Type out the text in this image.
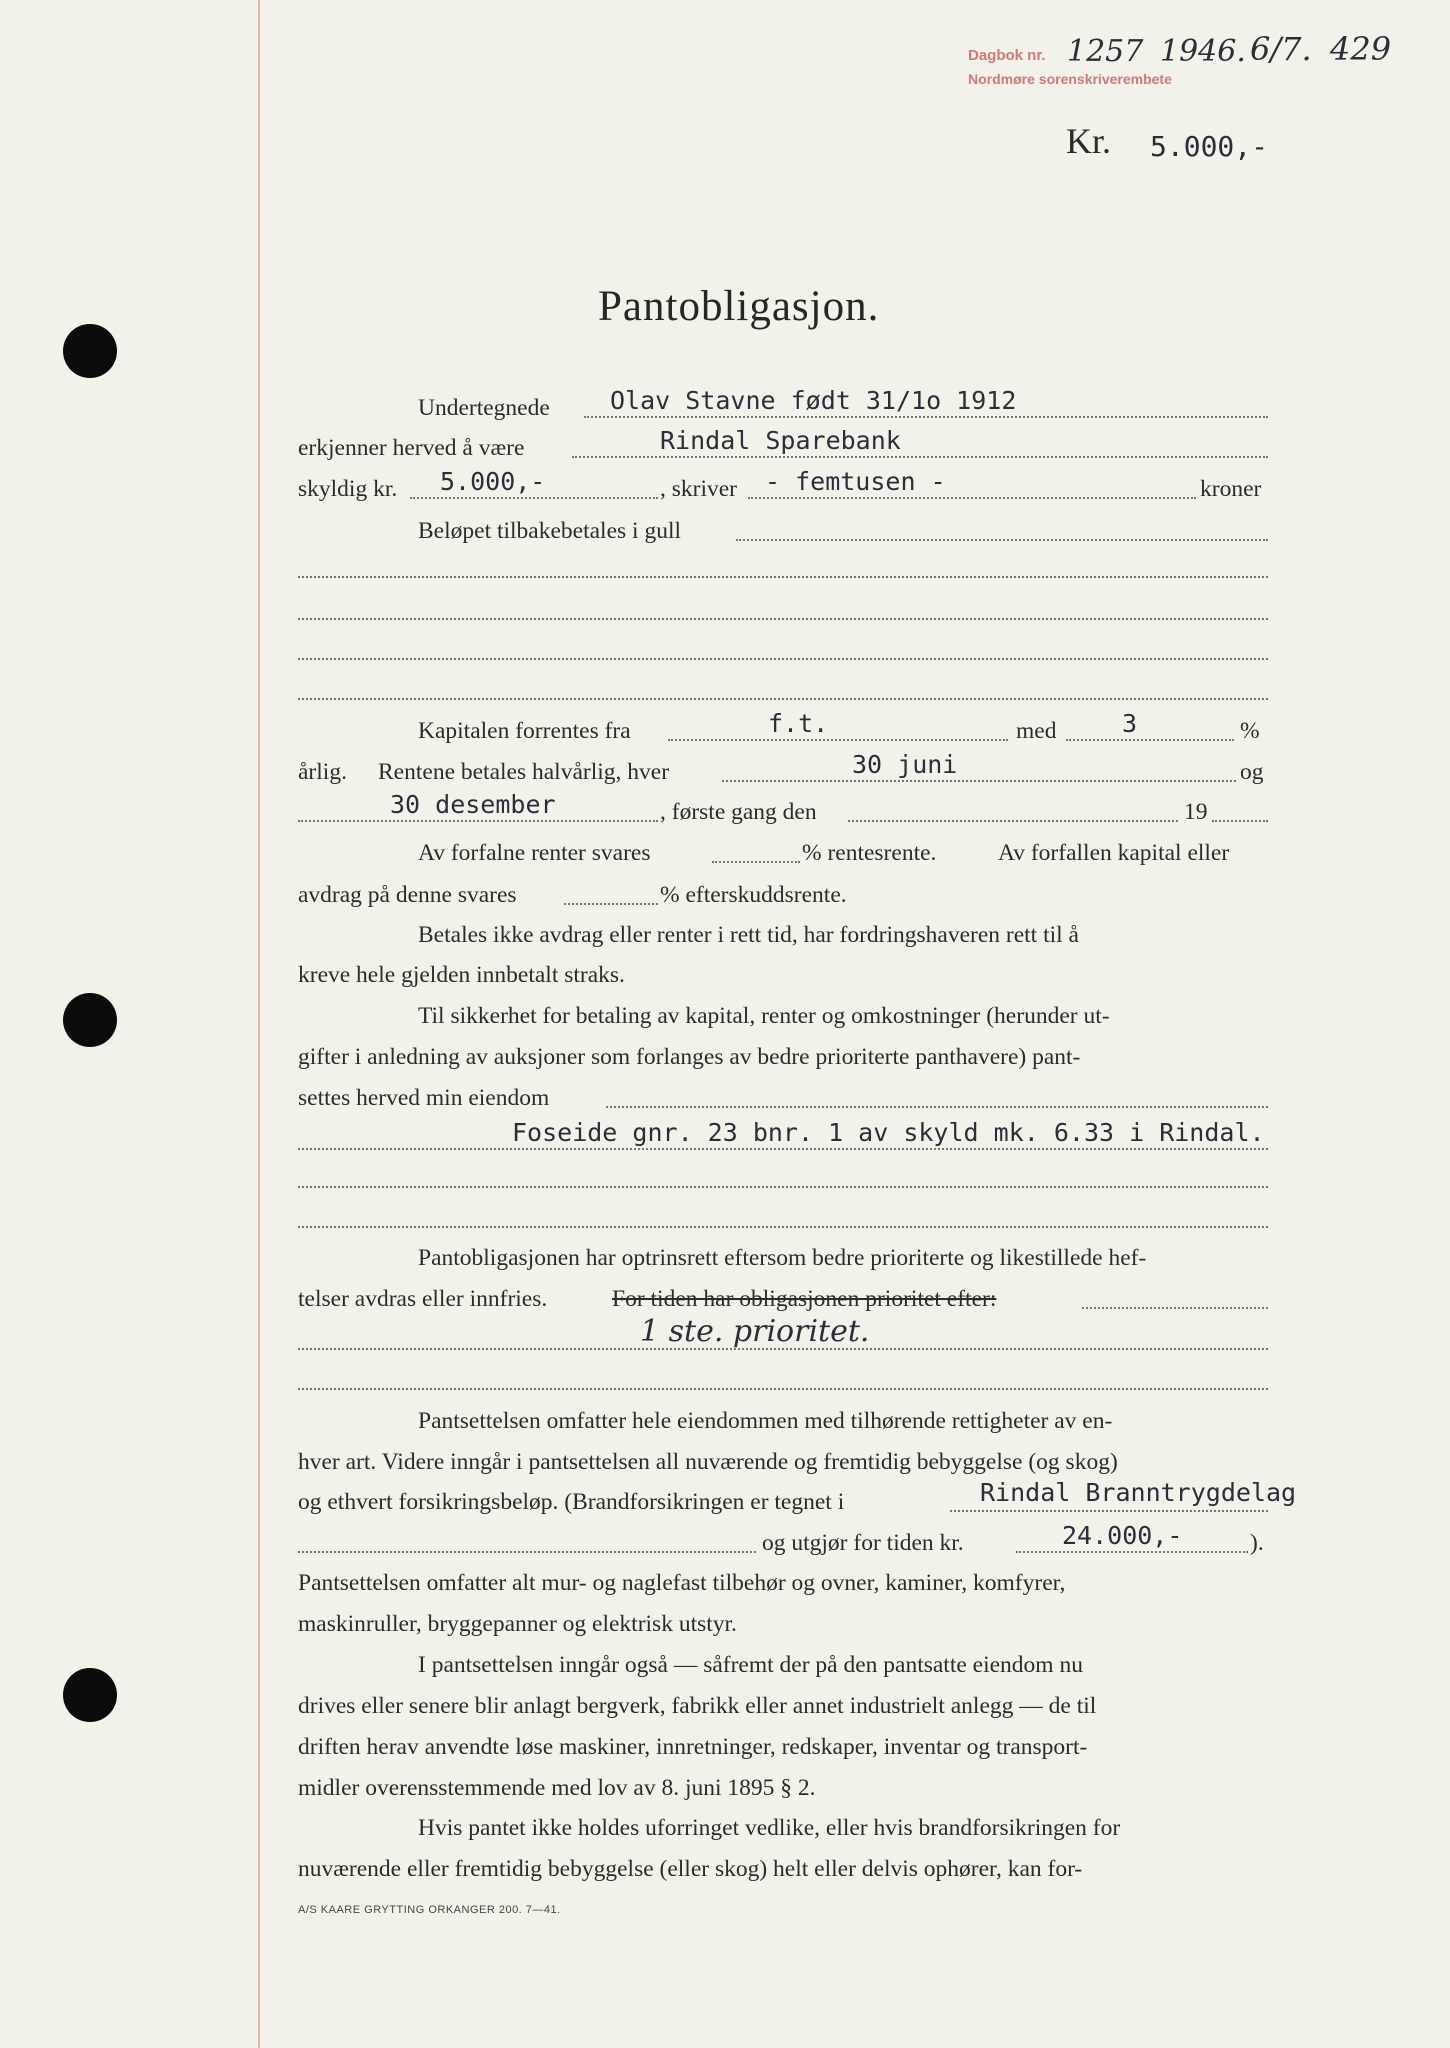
Dagbok nr.
Nordmøre sorenskriverembete
1257 1946. 6/7. 429
Kr. 5.000,-
Pantobligasjon.
Undertegnede Olav Stavne født 31/1o 1912
erkjenner herved å være	Rindal Sparebank
skyldig kr. 5.000,-	, skriver - femtusen -	kroner
Beløpet tilbakebetales i gull
Kapitalen forrentes fra	f.t.	med	3	%
årlig. Rentene betales halvårlig, hver	30 juni	og
30 desember	, første gang den	19
Av forfalne renter svares	% rentesrente.	Av forfallen kapital eller
avdrag på denne svares	% efterskuddsrente.
Betales ikke avdrag eller renter i rett tid, har fordringshaveren rett til å
kreve hele gjelden innbetalt straks.
Til sikkerhet for betaling av kapital, renter og omkostninger (herunder ut-
gifter i anledning av auksjoner som forlanges av bedre prioriterte panthavere) pant-
settes herved min eiendom
Foseide gnr. 23 bnr. 1 av skyld mk. 6.33 i Rindal.
Pantobligasjonen har optrinsrett eftersom bedre prioriterte og likestillede hef-
telser avdras eller innfries.	For tiden har obligasjonen prioritet efter:
1 ste. prioritet.
Pantsettelsen omfatter hele eiendommen med tilhørende rettigheter av en-
hver art. Videre inngår i pantsettelsen all nuværende og fremtidig bebyggelse (og skog)
og ethvert forsikringsbeløp. (Brandforsikringen er tegnet i	Rindal Branntrygdelag
og utgjør for tiden kr.	24.000,-	).
Pantsettelsen omfatter alt mur- og naglefast tilbehør og ovner, kaminer, komfyrer,
maskinruller, bryggepanner og elektrisk utstyr.
I pantsettelsen inngår også — såfremt der på den pantsatte eiendom nu
drives eller senere blir anlagt bergverk, fabrikk eller annet industrielt anlegg — de til
driften herav anvendte løse maskiner, innretninger, redskaper, inventar og transport-
midler overensstemmende med lov av 8. juni 1895 § 2.
Hvis pantet ikke holdes uforringet vedlike, eller hvis brandforsikringen for
nuværende eller fremtidig bebyggelse (eller skog) helt eller delvis ophører, kan for-
A/S KAARE GRYTTING ORKANGER 200. 7—41.
